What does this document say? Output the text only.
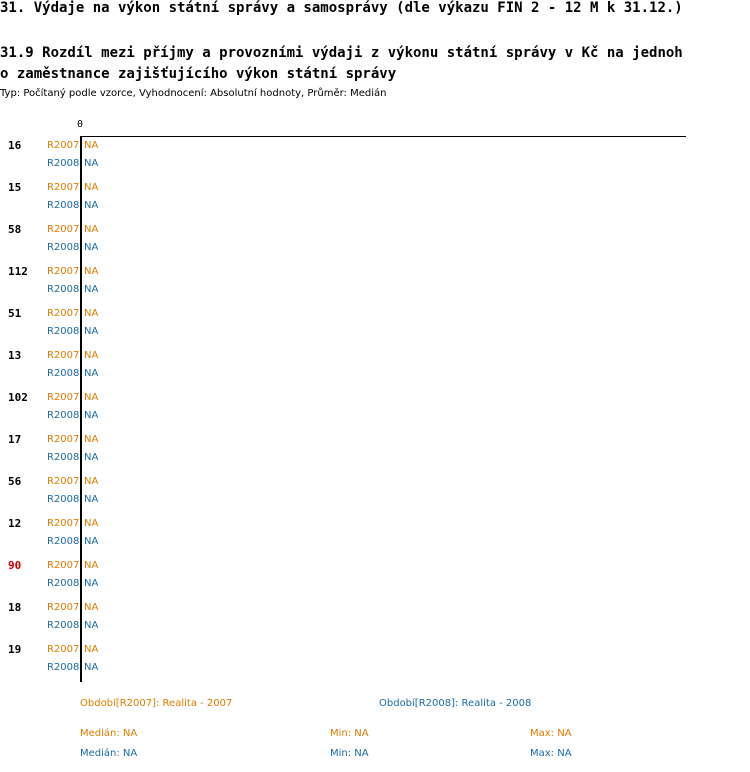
31. Výdaje na výkon státní správy a samosprávy (dle výkazu FIN 2 - 12 M k 31.12.)
31.9 Rozdíl mezi příjmy a provozními výdaji z výkonu státní správy v Kč na jednoh
o zaměstnance zajišťujícího výkon státní správy
Typ: Počítaný podle vzorce, Vyhodnocení: Absolutní hodnoty, Průměr: Medián
0
16	R2007 NA
R2008 NA
15	R2007 NA
R2008 NA
58	R2007 NA
R2008 NA
112 R2007 NA
R2008 NA
51	R2007 NA
R2008 NA
13	R2007 NA
R2008 NA
102 R2007 NA
R2008 NA
17	R2007 NA
R2008 NA
56	R2007 NA
R2008 NA
12	R2007 NA
R2008 NA
90	R2007 NA
R2008 NA
18	R2007 NA
R2008 NA
19	R2007 NA
R2008 NA
Období[R2007]: Realita - 2007	Období[R2008]: Realita - 2008
Medián: NA	Min: NA	Max: NA
Medián: NA	Min: NA	Max: NA
